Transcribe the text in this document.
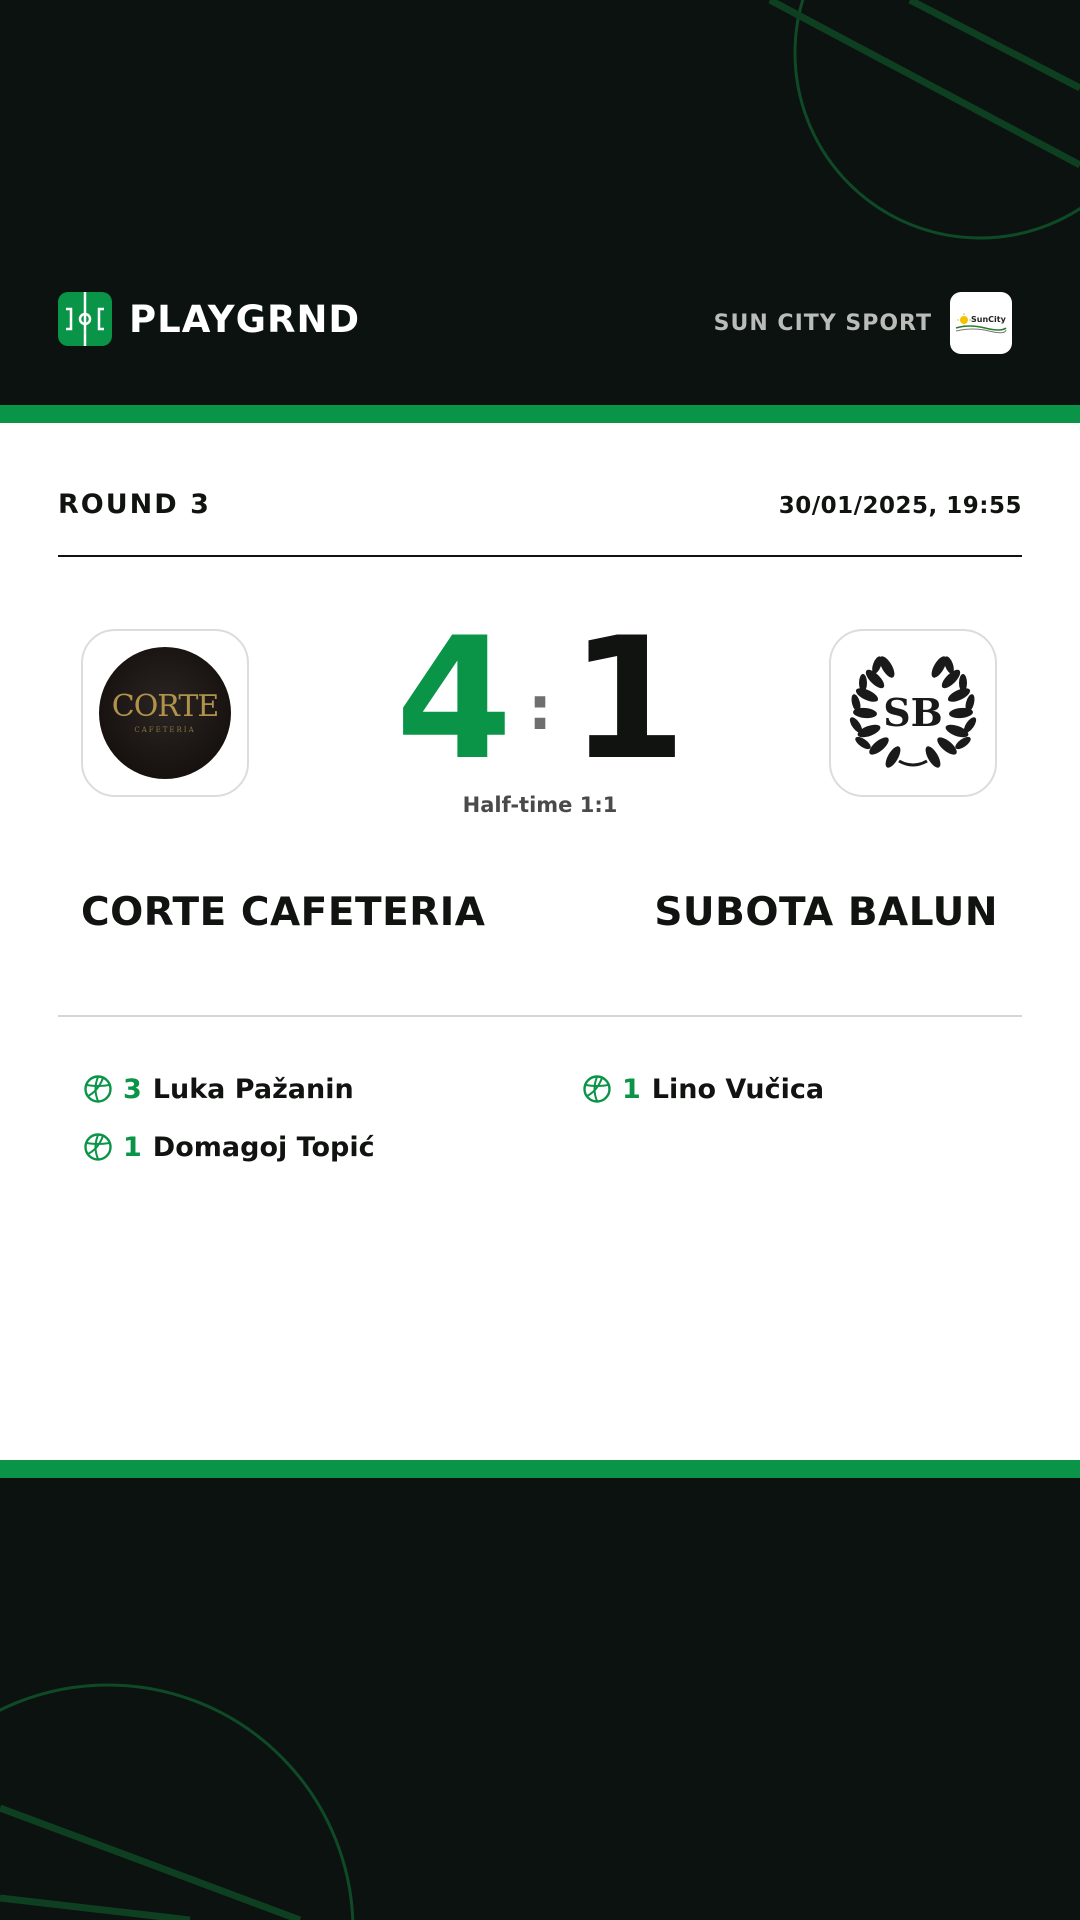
PLAYGRND	SUN CITY SPORT	SunCity
ROUND 3	30/01/2025, 19:55
CORTE
CAFETERIA 4 : 1
Half-time 1:1
SB
CORTE CAFETERIA	SUBOTA BALUN
3 Luka Pažanin
1 Domagoj Topić
1 Lino Vučica
